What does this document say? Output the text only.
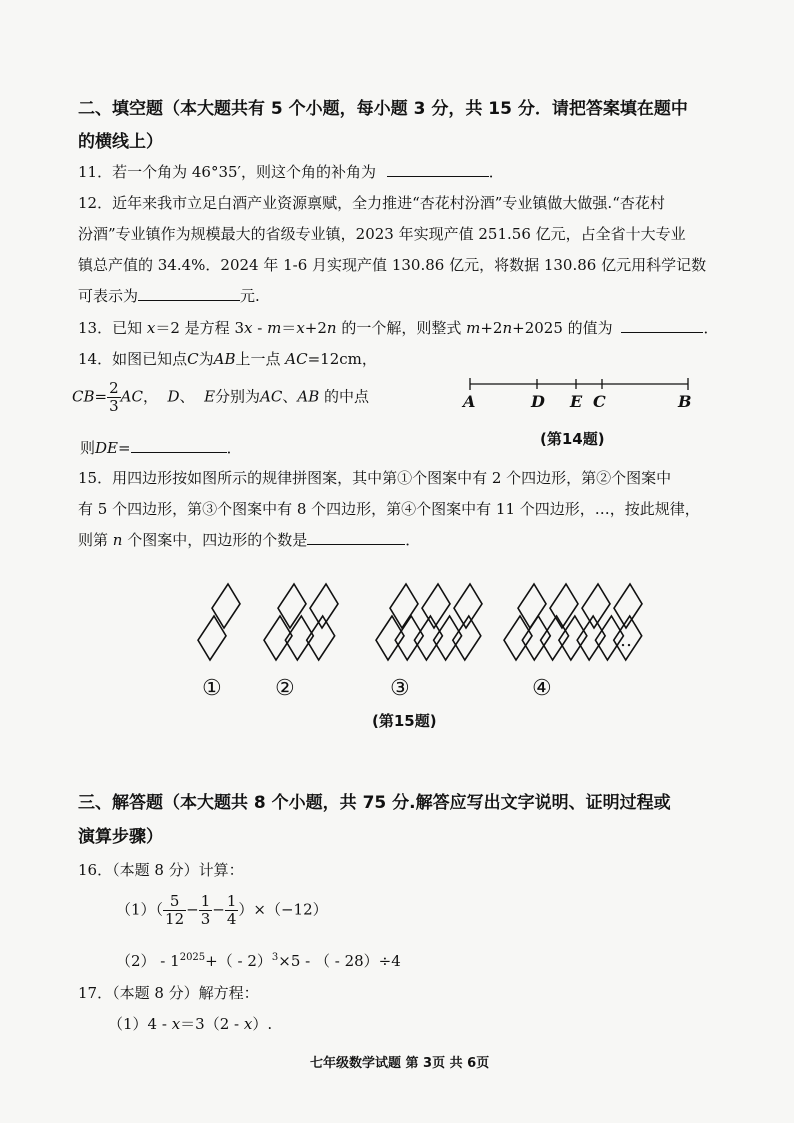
二、填空题（本大题共有 5 个小题，每小题 3 分，共 15 分．请把答案填在题中
的横线上）
11．若一个角为 46°35′，则这个角的补角为	．
12．近年来我市立足白酒产业资源禀赋，全力推进“杏花村汾酒”专业镇做大做强.“杏花村
汾酒”专业镇作为规模最大的省级专业镇，2023 年实现产值 251.56 亿元，占全省十大专业
镇总产值的 34.4%．2024 年 1-6 月实现产值 130.86 亿元，将数据 130.86 亿元用科学记数
可表示为	元.
13．已知 x＝2 是方程 3x - m＝x+2n 的一个解，则整式 m+2n+2025 的值为	．
14．如图已知点C为AB上一点 AC=12cm，
$CB= \frac{2}{3}$ AC， D、 E分别为AC、AB 的中点
则DE=	．
A	D E C	B
(第14题)
15．用四边形按如图所示的规律拼图案，其中第①个图案中有 2 个四边形，第②个图案中
有 5 个四边形，第③个图案中有 8 个四边形，第④个图案中有 11 个四边形，…，按此规律，
则第 n 个图案中，四边形的个数是	．
…
① ②	③	④
(第15题)
三、解答题（本大题共 8 个小题，共 75 分.解答应写出文字说明、证明过程或
演算步骤）
16．（本题 8 分）计算：
$(1)( \frac{5}{12} - \frac{1}{3} - \frac{1}{4} )\times(-12)$
$(2) - 1^{2025}+( - 2)^3\times 5$ - （ - 28）÷4
17．（本题 8 分）解方程：
（1）4 - x＝3（2 - x）.
七年级数学试题 第 3页 共 6页
